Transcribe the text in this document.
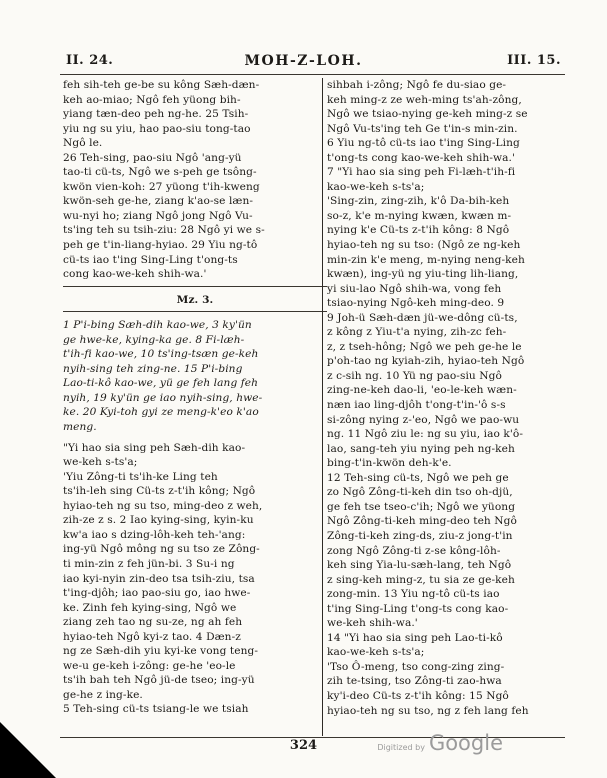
II. 24.	MOH-Z-LOH.	III. 15.
feh sih-teh ge-be su kông Sæh-dæn-
keh ao-miao; Ngô feh yüong bih-
yiang tæn-deo peh ng-he. 25 Tsih-
yiu ng su yiu, hao pao-siu tong-tao
Ngô le.
26 Teh-sing, pao-siu Ngô 'ang-yü
tao-ti cü-ts, Ngô we s-peh ge tsông-
kwön vien-koh: 27 yüong t'ih-kweng
kwön-seh ge-he, ziang k'ao-se læn-
wu-nyi ho; ziang Ngô jong Ngô Vu-
ts'ing teh su tsih-ziu: 28 Ngô yi we s-
peh ge t'in-liang-hyiao. 29 Yiu ng-tô
cü-ts iao t'ing Sing-Ling t'ong-ts
cong kao-we-keh shih-wa.'
Mz. 3.
1 P'i-bing Sæh-dih kao-we, 3 ky'ün
ge hwe-ke, kying-ka ge. 8 Fi-læh-
t'ih-fi kao-we, 10 ts'ing-tsæn ge-keh
nyih-sing teh zing-ne. 15 P'i-bing
Lao-ti-kô kao-we, yü ge feh lang feh
nyih, 19 ky'ün ge iao nyih-sing, hwe-
ke. 20 Kyi-toh gyi ze meng-k'eo k'ao
meng.
"Yi hao sia sing peh Sæh-dih kao-
we-keh s-ts'a;
'Yiu Zông-ti ts'ih-ke Ling teh
ts'ih-leh sing Cü-ts z-t'ih kông; Ngô
hyiao-teh ng su tso, ming-deo z weh,
zih-ze z s. 2 Iao kying-sing, kyin-ku
kw'a iao s dzing-lôh-keh teh-'ang:
ing-yü Ngô mông ng su tso ze Zông-
ti min-zin z feh jün-bi. 3 Su-i ng
iao kyi-nyin zin-deo tsa tsih-ziu, tsa
t'ing-djôh; iao pao-siu go, iao hwe-
ke. Zinh feh kying-sing, Ngô we
ziang zeh tao ng su-ze, ng ah feh
hyiao-teh Ngô kyi-z tao. 4 Dæn-z
ng ze Sæh-dih yiu kyi-ke vong teng-
we-u ge-keh i-zông: ge-he 'eo-le
ts'ih bah teh Ngô jü-de tseo; ing-yü
ge-he z ing-ke.
5 Teh-sing cü-ts tsiang-le we tsiah
sihbah i-zông; Ngô fe du-siao ge-
keh ming-z ze weh-ming ts'ah-zông,
Ngô we tsiao-nying ge-keh ming-z se
Ngô Vu-ts'ing teh Ge t'in-s min-zin.
6 Yiu ng-tô cü-ts iao t'ing Sing-Ling
t'ong-ts cong kao-we-keh shih-wa.'
7 "Yi hao sia sing peh Fi-læh-t'ih-fi
kao-we-keh s-ts'a;
'Sing-zin, zing-zih, k'ô Da-bih-keh
so-z, k'e m-nying kwæn, kwæn m-
nying k'e Cü-ts z-t'ih kông: 8 Ngô
hyiao-teh ng su tso: (Ngô ze ng-keh
min-zin k'e meng, m-nying neng-keh
kwæn), ing-yü ng yiu-ting lih-liang,
yi siu-lao Ngô shih-wa, vong feh
tsiao-nying Ngô-keh ming-deo. 9
9 Joh-ü Sæh-dæn jü-we-dông cü-ts,
z kông z Yiu-t'a nying, zih-zc feh-
z, z tseh-hông; Ngô we peh ge-he le
p'oh-tao ng kyiah-zih, hyiao-teh Ngô
z c-sih ng. 10 Yü ng pao-siu Ngô
zing-ne-keh dao-li, 'eo-le-keh wæn-
næn iao ling-djôh t'ong-t'in-'ô s-s
si-zông nying z-'eo, Ngô we pao-wu
ng. 11 Ngô ziu le: ng su yiu, iao k'ô-
lao, sang-teh yiu nying peh ng-keh
bing-t'in-kwön deh-k'e.
12 Teh-sing cü-ts, Ngô we peh ge
zo Ngô Zông-ti-keh din tso oh-djü,
ge feh tse tseo-c'ih; Ngô we yüong
Ngô Zông-ti-keh ming-deo teh Ngô
Zông-ti-keh zing-ds, ziu-z jong-t'in
zong Ngô Zông-ti z-se kông-lôh-
keh sing Yia-lu-sæh-lang, teh Ngô
z sing-keh ming-z, tu sia ze ge-keh
zong-min. 13 Yiu ng-tô cü-ts iao
t'ing Sing-Ling t'ong-ts cong kao-
we-keh shih-wa.'
14 "Yi hao sia sing peh Lao-ti-kô
kao-we-keh s-ts'a;
'Tso Ô-meng, tso cong-zing zing-
zih te-tsing, tso Zông-ti zao-hwa
ky'i-deo Cü-ts z-t'ih kông: 15 Ngô
hyiao-teh ng su tso, ng z feh lang feh
324	Digitized by Google
